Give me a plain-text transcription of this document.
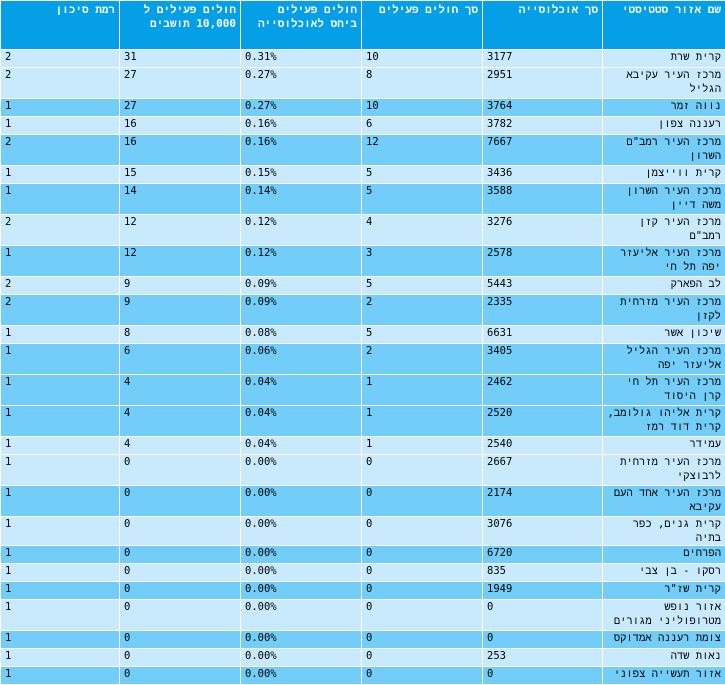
שם אזור סטטיסטי	סך אוכלוסייה	סך חולים פעילים	חולים פעילים ביחס לאוכלוסייה	חולים פעילים ל 10,000 תושבים	רמת סיכון
קרית שרת	3177	10	0.31%	31	2
מרכז העיר עקיבא הגליל	2951	8	0.27%	27	2
נווה זמר	3764	10	0.27%	27	1
רעננה צפון	3782	6	0.16%	16	1
מרכז העיר רמב"ם השרון	7667	12	0.16%	16	2
קרית ווייצמן	3436	5	0.15%	15	1
מרכז העיר השרון משה דיין	3588	5	0.14%	14	1
מרכז העיר קזן רמב"ם	3276	4	0.12%	12	2
מרכז העיר אליעזר יפה תל חי	2578	3	0.12%	12	1
לב הפארק	5443	5	0.09%	9	2
מרכז העיר מזרחית לקזן	2335	2	0.09%	9	2
שיכון אשר	6631	5	0.08%	8	1
מרכז העיר הגליל אליעזר יפה	3405	2	0.06%	6	1
מרכז העיר תל חי קרן היסוד	2462	1	0.04%	4	1
קרית אליהו גולומב, קרית דוד רמז	2520	1	0.04%	4	1
עמידר	2540	1	0.04%	4	1
מרכז העיר מזרחית לרבוצקי	2667	0	0.00%	0	1
מרכז העיר אחד העם עקיבא	2174	0	0.00%	0	1
קרית גנים, כפר בתיה	3076	0	0.00%	0	1
הפרחים	6720	0	0.00%	0	1
רסקו - בן צבי	835	0	0.00%	0	1
קרית שז"ר	1949	0	0.00%	0	1
אזור נופש מטרופוליני מגורים	0	0	0.00%	0	1
צומת רעננה אמדוקס	0	0	0.00%	0	1
נאות שדה	253	0	0.00%	0	1
אזור תעשייה צפוני	0	0	0.00%	0	1
